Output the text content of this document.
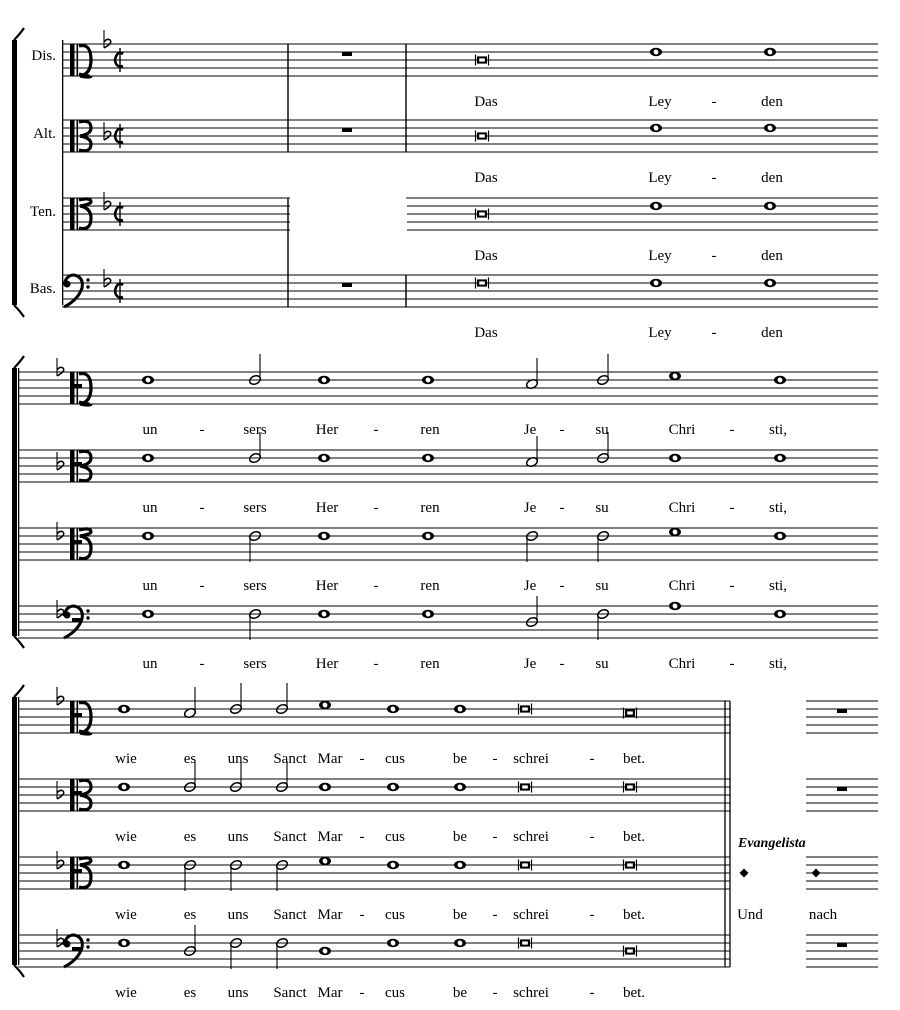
Das	Ley	-	den
Das	Ley	-	den
Das	Ley	-	den
Das	Ley	-	den
un	-	sers	Her -	ren	Je - su	Chri - sti,
un	-	sers	Her -	ren	Je - su	Chri - sti,
un	-	sers	Her -	ren	Je - su	Chri - sti,
un	-	sers	Her -	ren	Je - su	Chri - sti,
wie	es uns Sanct Mar - cus	be - schrei	- bet.
wie	es uns Sanct Mar - cus	be - schrei	- bet.
wie	es uns Sanct Mar - cus	be - schrei	- bet.	Und	nach
wie	es uns Sanct Mar - cus	be - schrei	- bet.
Evangelista
Dis.
Alt.
Ten.
Bas.
